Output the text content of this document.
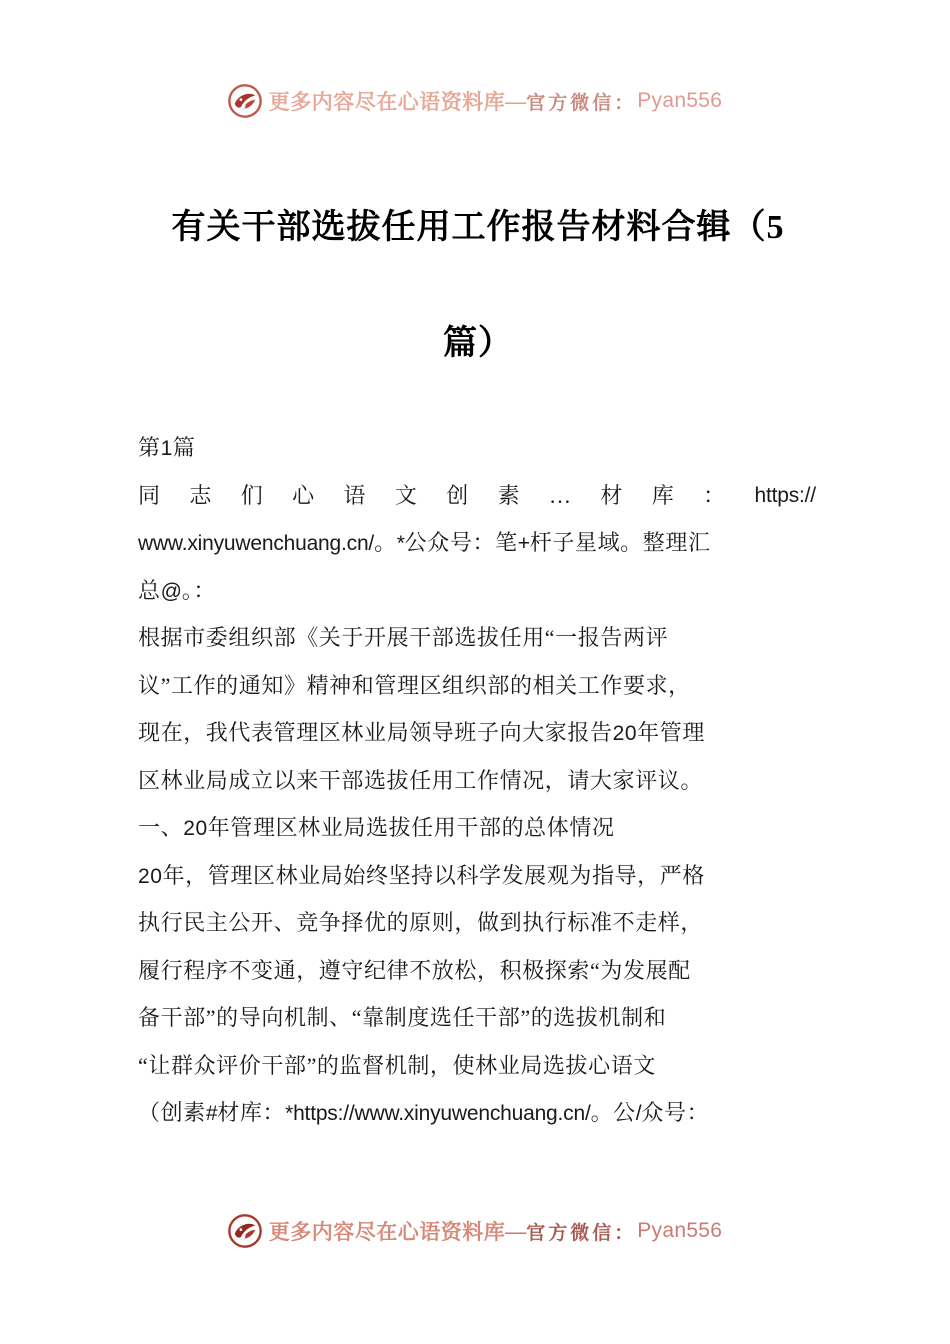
更多内容尽在心语资料库 — 官方微信 ： Pyan556
有关干部选拔任用工作报告材料合辑（5
篇）
第1篇
同 志 们 心 语 文 创 素 … 材 库 ： https://
www.xinyuwenchuang.cn/。*公众号：笔+杆子星域。整理汇
总@。：
根据市委组织部《关于开展干部选拔任用“一报告两评
议”工作的通知》精神和管理区组织部的相关工作要求，
现在，我代表管理区林业局领导班子向大家报告20年管理
区林业局成立以来干部选拔任用工作情况，请大家评议。
一、20年管理区林业局选拔任用干部的总体情况
20年，管理区林业局始终坚持以科学发展观为指导，严格
执行民主公开、竞争择优的原则，做到执行标准不走样，
履行程序不变通，遵守纪律不放松，积极探索“为发展配
备干部”的导向机制、“靠制度选任干部”的选拔机制和
“让群众评价干部”的监督机制，使林业局选拔心语文
（创素#材库：*https://www.xinyuwenchuang.cn/。公/众号：
更多内容尽在心语资料库 — 官方微信 ： Pyan556
